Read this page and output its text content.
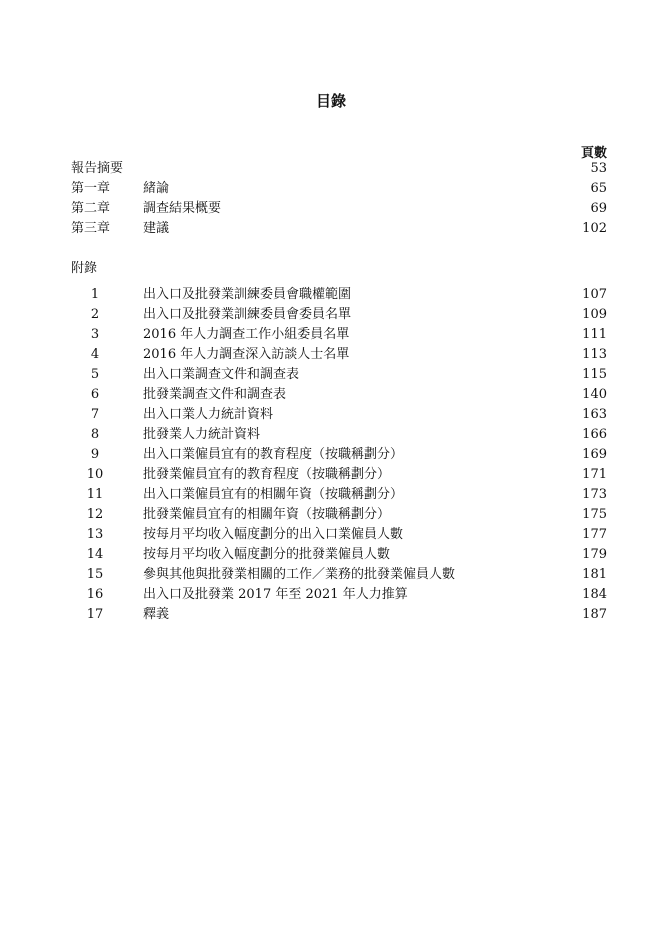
目錄
頁數
報告摘要	53
第一章	緒論	65
第二章	調查結果概要	69
第三章	建議	102
附錄
1	出入口及批發業訓練委員會職權範圍	107
2	出入口及批發業訓練委員會委員名單	109
3	2016 年人力調查工作小組委員名單	111
4	2016 年人力調查深入訪談人士名單	113
5	出入口業調查文件和調查表	115
6	批發業調查文件和調查表	140
7	出入口業人力統計資料	163
8	批發業人力統計資料	166
9	出入口業僱員宜有的教育程度（按職稱劃分）	169
10	批發業僱員宜有的教育程度（按職稱劃分）	171
11	出入口業僱員宜有的相關年資（按職稱劃分）	173
12	批發業僱員宜有的相關年資（按職稱劃分）	175
13	按每月平均收入幅度劃分的出入口業僱員人數	177
14	按每月平均收入幅度劃分的批發業僱員人數	179
15	參與其他與批發業相關的工作／業務的批發業僱員人數	181
16	出入口及批發業 2017 年至 2021 年人力推算	184
17	釋義	187
